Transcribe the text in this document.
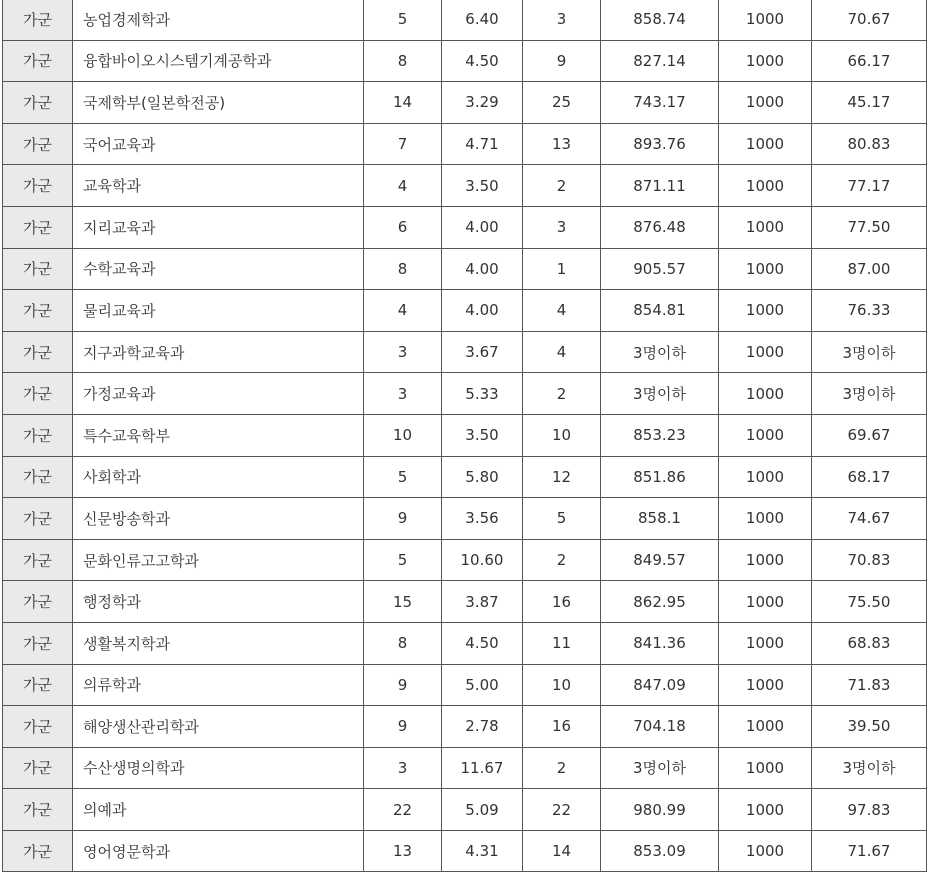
가군	농업경제학과	5	6.40	3	858.74	1000	70.67
가군	융합바이오시스템기계공학과	8	4.50	9	827.14	1000	66.17
가군	국제학부(일본학전공)	14	3.29	25	743.17	1000	45.17
가군	국어교육과	7	4.71	13	893.76	1000	80.83
가군	교육학과	4	3.50	2	871.11	1000	77.17
가군	지리교육과	6	4.00	3	876.48	1000	77.50
가군	수학교육과	8	4.00	1	905.57	1000	87.00
가군	물리교육과	4	4.00	4	854.81	1000	76.33
가군	지구과학교육과	3	3.67	4	3명이하	1000	3명이하
가군	가정교육과	3	5.33	2	3명이하	1000	3명이하
가군	특수교육학부	10	3.50	10	853.23	1000	69.67
가군	사회학과	5	5.80	12	851.86	1000	68.17
가군	신문방송학과	9	3.56	5	858.1	1000	74.67
가군	문화인류고고학과	5	10.60	2	849.57	1000	70.83
가군	행정학과	15	3.87	16	862.95	1000	75.50
가군	생활복지학과	8	4.50	11	841.36	1000	68.83
가군	의류학과	9	5.00	10	847.09	1000	71.83
가군	해양생산관리학과	9	2.78	16	704.18	1000	39.50
가군	수산생명의학과	3	11.67	2	3명이하	1000	3명이하
가군	의예과	22	5.09	22	980.99	1000	97.83
가군	영어영문학과	13	4.31	14	853.09	1000	71.67
